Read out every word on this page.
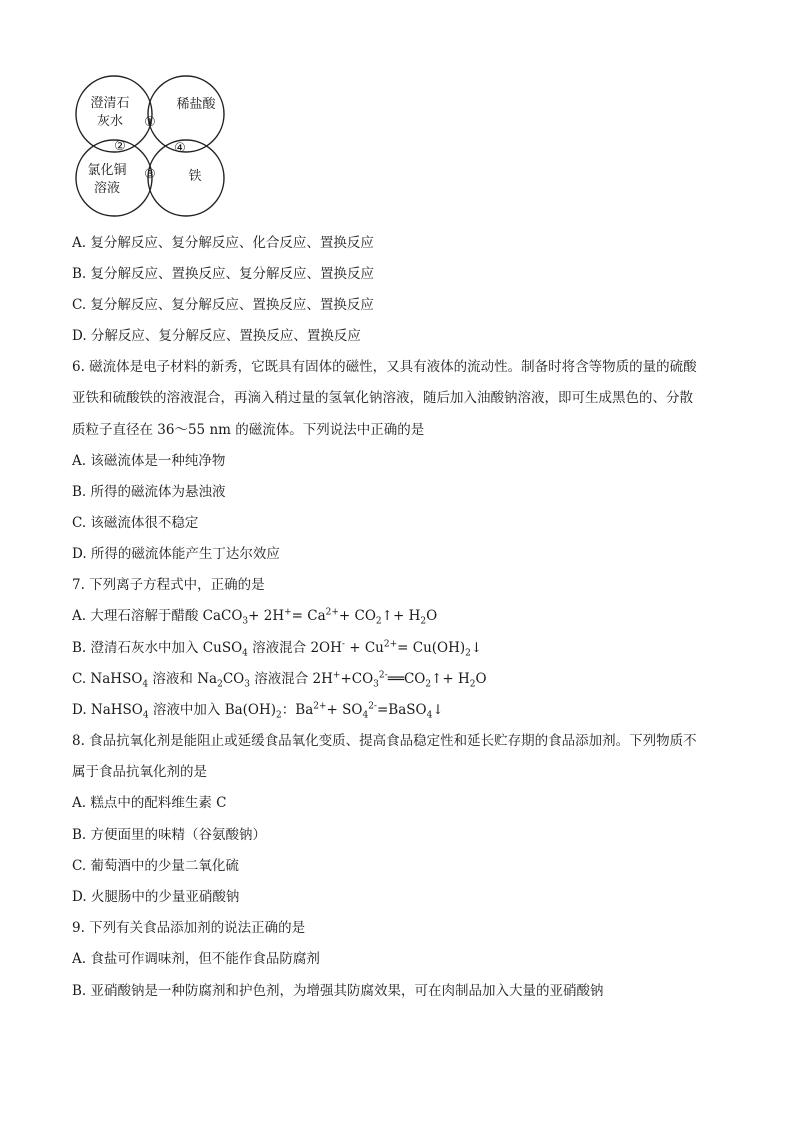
澄清石
灰水
稀盐酸
氯化铜
溶液
铁
①
②
③
④
A. 复分解反应、复分解反应、化合反应、置换反应
B. 复分解反应、置换反应、复分解反应、置换反应
C. 复分解反应、复分解反应、置换反应、置换反应
D. 分解反应、复分解反应、置换反应、置换反应
6. 磁流体是电子材料的新秀，它既具有固体的磁性，又具有液体的流动性。制备时将含等物质的量的硫酸
亚铁和硫酸铁的溶液混合，再滴入稍过量的氢氧化钠溶液，随后加入油酸钠溶液，即可生成黑色的、分散
质粒子直径在 36～55 nm 的磁流体。下列说法中正确的是
A. 该磁流体是一种纯净物
B. 所得的磁流体为悬浊液
C. 该磁流体很不稳定
D. 所得的磁流体能产生丁达尔效应
7. 下列离子方程式中，正确的是
A. 大理石溶解于醋酸 CaCO$_3$+ $2H^+= Ca^{2+}+$ $CO_2↑+ H_2O$
B. 澄清石灰水中加入 CuSO$_4$ 溶液混合 $2OH^- + Cu^{2+}=$ $Cu(OH)_2↓$
C. NaHSO$_4$ 溶液和 $Na_2CO_3$ 溶液混合 $2H^++CO_3^{2-}══CO_2↑+ H_2O$
D. NaHSO$_4$ 溶液中加入 $Ba(OH)_2$：$Ba^{2+}+$ $SO_4^{2-}=BaSO_4↓$
8. 食品抗氧化剂是能阻止或延缓食品氧化变质、提高食品稳定性和延长贮存期的食品添加剂。下列物质不
属于食品抗氧化剂的是
A. 糕点中的配料维生素 C
B. 方便面里的味精（谷氨酸钠）
C. 葡萄酒中的少量二氧化硫
D. 火腿肠中的少量亚硝酸钠
9. 下列有关食品添加剂的说法正确的是
A. 食盐可作调味剂，但不能作食品防腐剂
B. 亚硝酸钠是一种防腐剂和护色剂，为增强其防腐效果，可在肉制品加入大量的亚硝酸钠
